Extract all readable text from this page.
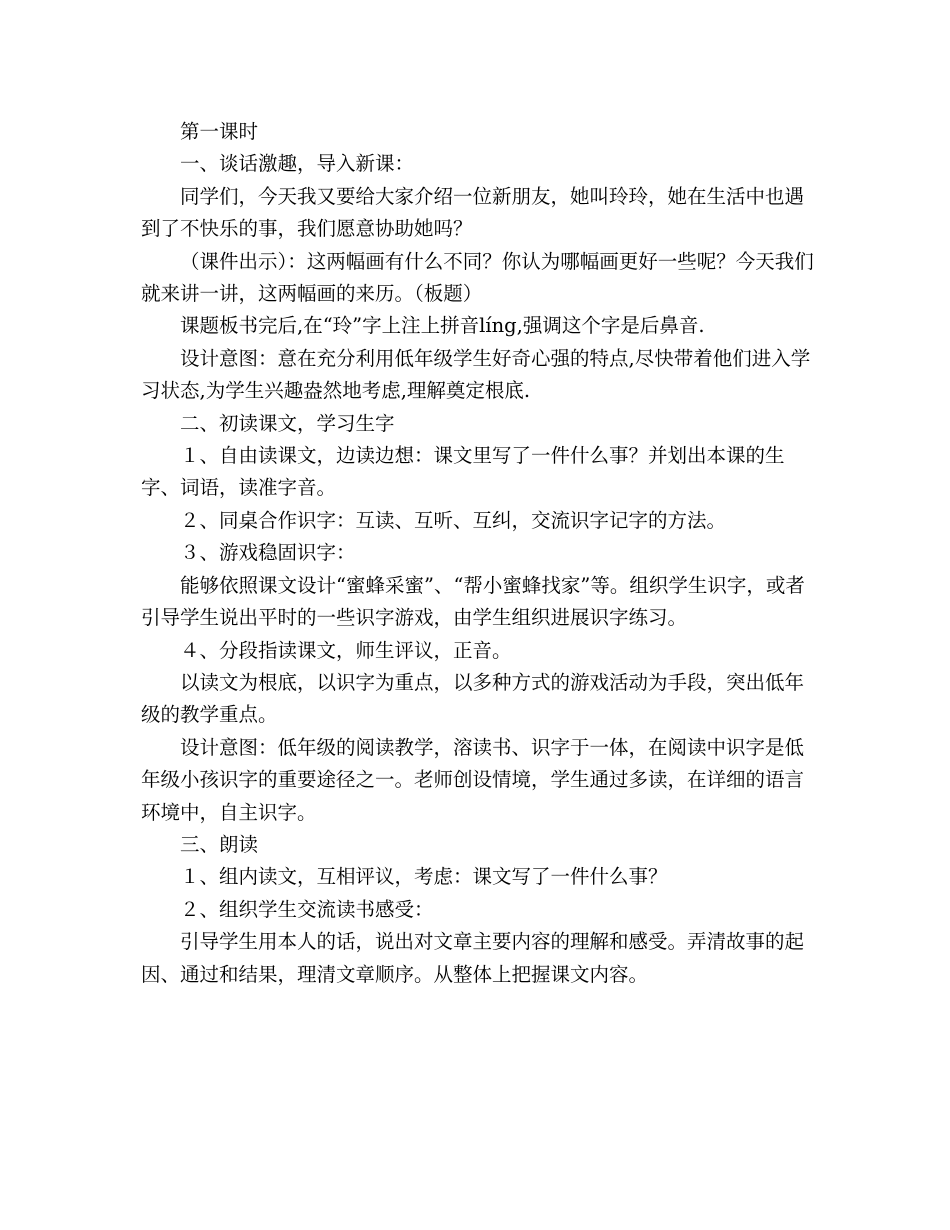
第一课时

一、谈话激趣，导入新课：

同学们，今天我又要给大家介绍一位新朋友，她叫玲玲，她在生活中也遇到了不快乐的事，我们愿意协助她吗？

（课件出示）：这两幅画有什么不同？你认为哪幅画更好一些呢？今天我们就来讲一讲，这两幅画的来历。（板题）

课题板书完后,在“玲”字上注上拼音líng,强调这个字是后鼻音.

设计意图：意在充分利用低年级学生好奇心强的特点,尽快带着他们进入学习状态,为学生兴趣盎然地考虑,理解奠定根底.

二、初读课文，学习生字

１、自由读课文，边读边想：课文里写了一件什么事？并划出本课的生字、词语，读准字音。

２、同桌合作识字：互读、互听、互纠，交流识字记字的方法。

３、游戏稳固识字：

能够依照课文设计“蜜蜂采蜜”、“帮小蜜蜂找家”等。组织学生识字，或者引导学生说出平时的一些识字游戏，由学生组织进展识字练习。

４、分段指读课文，师生评议，正音。

以读文为根底，以识字为重点，以多种方式的游戏活动为手段，突出低年级的教学重点。

设计意图：低年级的阅读教学，溶读书、识字于一体，在阅读中识字是低年级小孩识字的重要途径之一。老师创设情境，学生通过多读，在详细的语言环境中，自主识字。

三、朗读

１、组内读文，互相评议，考虑：课文写了一件什么事？

２、组织学生交流读书感受：

引导学生用本人的话，说出对文章主要内容的理解和感受。弄清故事的起因、通过和结果，理清文章顺序。从整体上把握课文内容。
